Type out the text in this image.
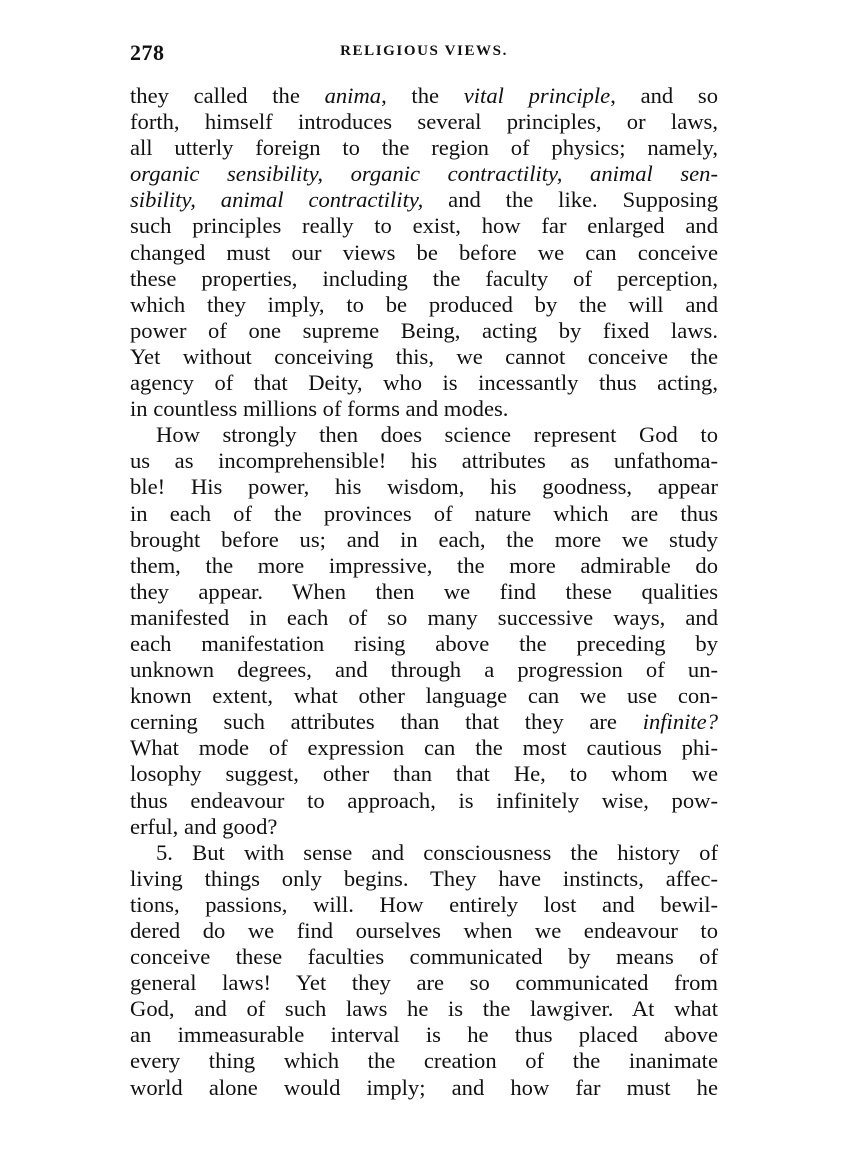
278	RELIGIOUS VIEWS.
they called the anima, the vital principle, and so
forth, himself introduces several principles, or laws,
all utterly foreign to the region of physics; namely,
organic sensibility, organic contractility, animal sen-
sibility, animal contractility, and the like. Supposing
such principles really to exist, how far enlarged and
changed must our views be before we can conceive
these properties, including the faculty of perception,
which they imply, to be produced by the will and
power of one supreme Being, acting by fixed laws.
Yet without conceiving this, we cannot conceive the
agency of that Deity, who is incessantly thus acting,
in countless millions of forms and modes.
How strongly then does science represent God to
us as incomprehensible! his attributes as unfathoma-
ble! His power, his wisdom, his goodness, appear
in each of the provinces of nature which are thus
brought before us; and in each, the more we study
them, the more impressive, the more admirable do
they appear. When then we find these qualities
manifested in each of so many successive ways, and
each manifestation rising above the preceding by
unknown degrees, and through a progression of un-
known extent, what other language can we use con-
cerning such attributes than that they are infinite?
What mode of expression can the most cautious phi-
losophy suggest, other than that He, to whom we
thus endeavour to approach, is infinitely wise, pow-
erful, and good?
5. But with sense and consciousness the history of
living things only begins. They have instincts, affec-
tions, passions, will. How entirely lost and bewil-
dered do we find ourselves when we endeavour to
conceive these faculties communicated by means of
general laws! Yet they are so communicated from
God, and of such laws he is the lawgiver. At what
an immeasurable interval is he thus placed above
every thing which the creation of the inanimate
world alone would imply; and how far must he
